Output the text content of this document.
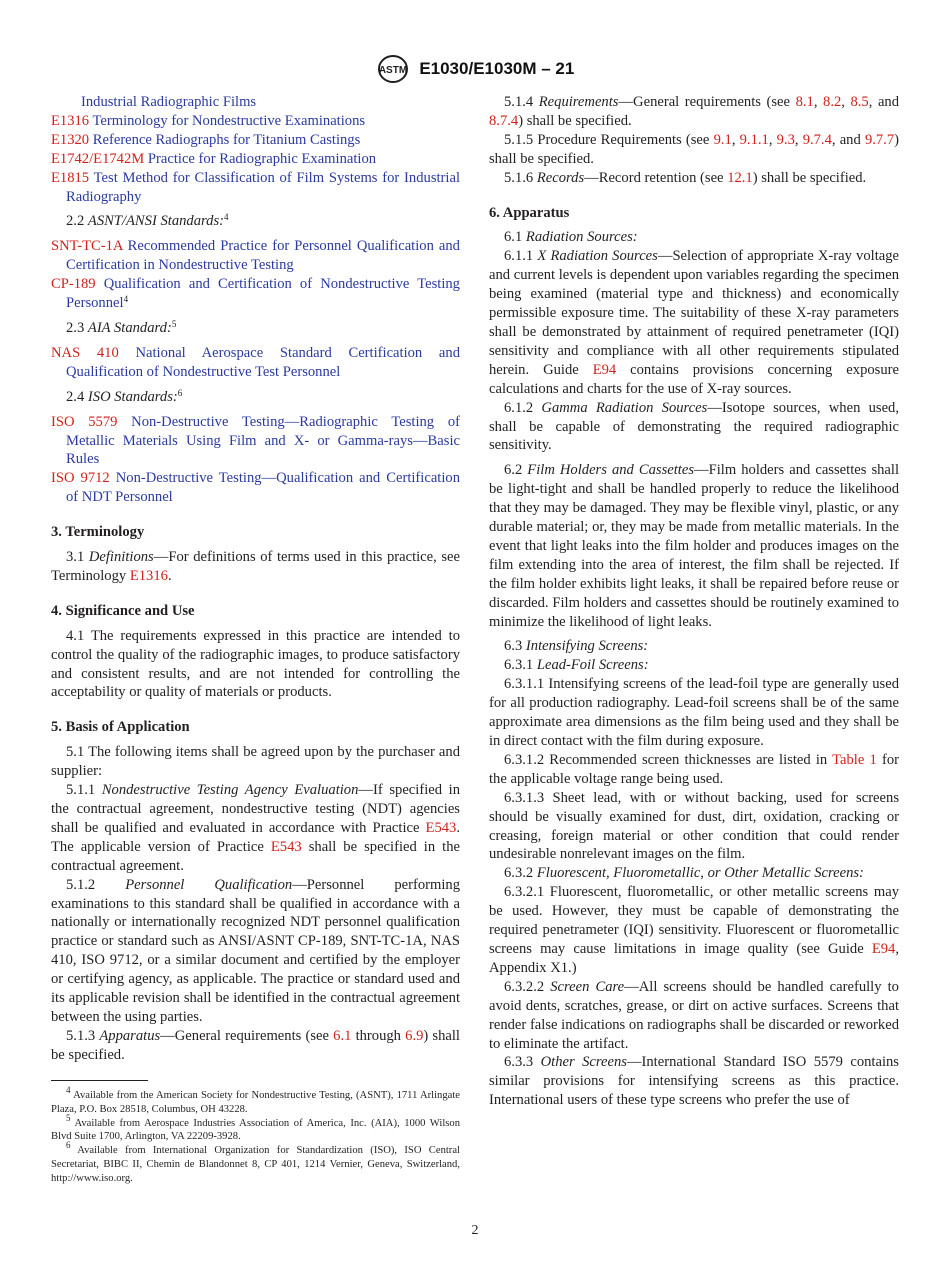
ASTM E1030/E1030M – 21

Industrial Radiographic Films

E1316 Terminology for Nondestructive Examinations

E1320 Reference Radiographs for Titanium Castings

E1742/E1742M Practice for Radiographic Examination

E1815 Test Method for Classification of Film Systems for Industrial Radiography

2.2 ASNT/ANSI Standards:$^4$

SNT-TC-1A Recommended Practice for Personnel Qualification and Certification in Nondestructive Testing

CP-189 Qualification and Certification of Nondestructive Testing Personnel$^4$

2.3 AIA Standard:$^5$

NAS 410 National Aerospace Standard Certification and Qualification of Nondestructive Test Personnel

2.4 ISO Standards:$^6$

ISO 5579 Non-Destructive Testing—Radiographic Testing of Metallic Materials Using Film and X- or Gamma-rays—Basic Rules

ISO 9712 Non-Destructive Testing—Qualification and Certification of NDT Personnel

3. Terminology

3.1 Definitions—For definitions of terms used in this practice, see Terminology E1316.

4. Significance and Use

4.1 The requirements expressed in this practice are intended to control the quality of the radiographic images, to produce satisfactory and consistent results, and are not intended for controlling the acceptability or quality of materials or products.

5. Basis of Application

5.1 The following items shall be agreed upon by the purchaser and supplier:

5.1.1 Nondestructive Testing Agency Evaluation—If specified in the contractual agreement, nondestructive testing (NDT) agencies shall be qualified and evaluated in accordance with Practice E543. The applicable version of Practice E543 shall be specified in the contractual agreement.

5.1.2 Personnel Qualification—Personnel performing examinations to this standard shall be qualified in accordance with a nationally or internationally recognized NDT personnel qualification practice or standard such as ANSI/ASNT CP-189, SNT-TC-1A, NAS 410, ISO 9712, or a similar document and certified by the employer or certifying agency, as applicable. The practice or standard used and its applicable revision shall be identified in the contractual agreement between the using parties.

5.1.3 Apparatus—General requirements (see 6.1 through 6.9) shall be specified.

$^4$ Available from the American Society for Nondestructive Testing, (ASNT), 1711 Arlingate Plaza, P.O. Box 28518, Columbus, OH 43228.

$^5$ Available from Aerospace Industries Association of America, Inc. (AIA), 1000 Wilson Blvd Suite 1700, Arlington, VA 22209-3928.

$^6$ Available from International Organization for Standardization (ISO), ISO Central Secretariat, BIBC II, Chemin de Blandonnet 8, CP 401, 1214 Vernier, Geneva, Switzerland, http://www.iso.org.

5.1.4 Requirements—General requirements (see 8.1, 8.2, 8.5, and 8.7.4) shall be specified.

5.1.5 Procedure Requirements (see 9.1, 9.1.1, 9.3, 9.7.4, and 9.7.7) shall be specified.

5.1.6 Records—Record retention (see 12.1) shall be specified.

6. Apparatus

6.1 Radiation Sources:

6.1.1 X Radiation Sources—Selection of appropriate X-ray voltage and current levels is dependent upon variables regarding the specimen being examined (material type and thickness) and economically permissible exposure time. The suitability of these X-ray parameters shall be demonstrated by attainment of required penetrameter (IQI) sensitivity and compliance with all other requirements stipulated herein. Guide E94 contains provisions concerning exposure calculations and charts for the use of X-ray sources.

6.1.2 Gamma Radiation Sources—Isotope sources, when used, shall be capable of demonstrating the required radiographic sensitivity.

6.2 Film Holders and Cassettes—Film holders and cassettes shall be light-tight and shall be handled properly to reduce the likelihood that they may be damaged. They may be flexible vinyl, plastic, or any durable material; or, they may be made from metallic materials. In the event that light leaks into the film holder and produces images on the film extending into the area of interest, the film shall be rejected. If the film holder exhibits light leaks, it shall be repaired before reuse or discarded. Film holders and cassettes should be routinely examined to minimize the likelihood of light leaks.

6.3 Intensifying Screens:

6.3.1 Lead-Foil Screens:

6.3.1.1 Intensifying screens of the lead-foil type are generally used for all production radiography. Lead-foil screens shall be of the same approximate area dimensions as the film being used and they shall be in direct contact with the film during exposure.

6.3.1.2 Recommended screen thicknesses are listed in Table 1 for the applicable voltage range being used.

6.3.1.3 Sheet lead, with or without backing, used for screens should be visually examined for dust, dirt, oxidation, cracking or creasing, foreign material or other condition that could render undesirable nonrelevant images on the film.

6.3.2 Fluorescent, Fluorometallic, or Other Metallic Screens:

6.3.2.1 Fluorescent, fluorometallic, or other metallic screens may be used. However, they must be capable of demonstrating the required penetrameter (IQI) sensitivity. Fluorescent or fluorometallic screens may cause limitations in image quality (see Guide E94, Appendix X1.)

6.3.2.2 Screen Care—All screens should be handled carefully to avoid dents, scratches, grease, or dirt on active surfaces. Screens that render false indications on radiographs shall be discarded or reworked to eliminate the artifact.

6.3.3 Other Screens—International Standard ISO 5579 contains similar provisions for intensifying screens as this practice. International users of these type screens who prefer the use of

2
